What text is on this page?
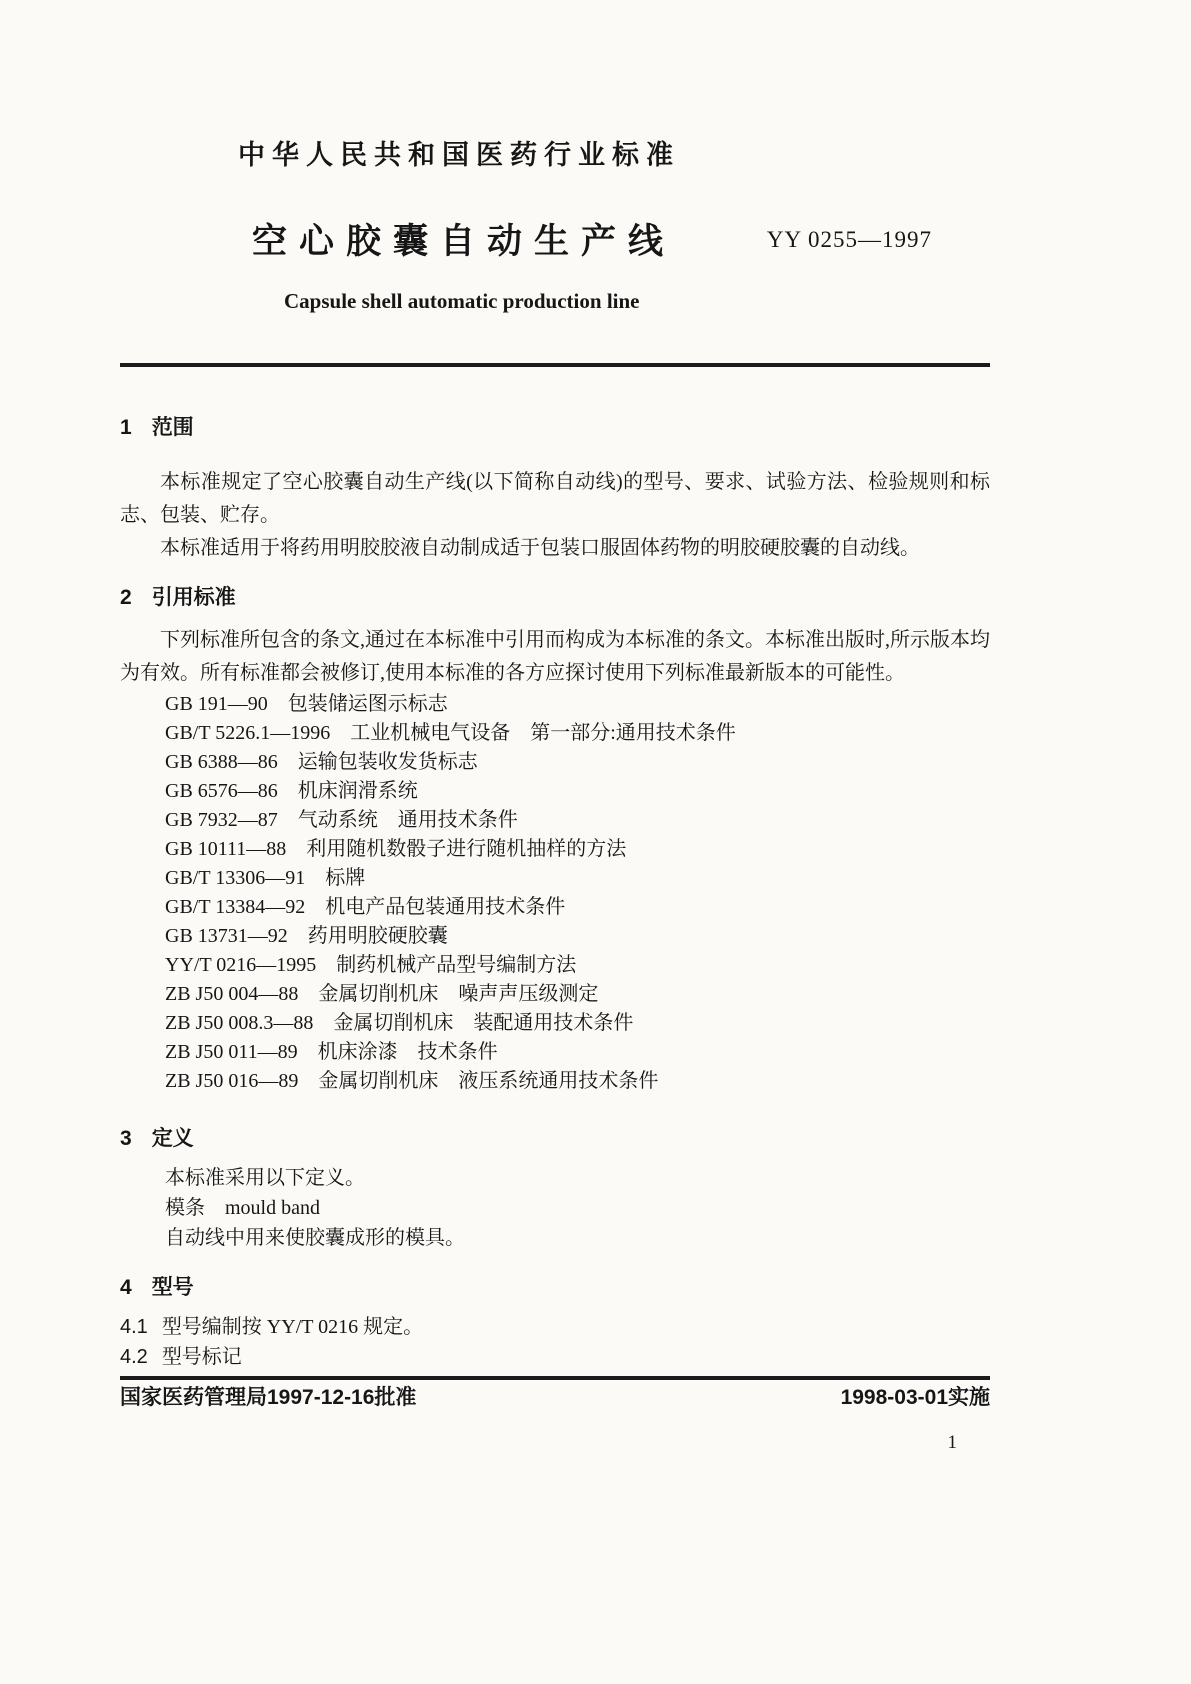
中华人民共和国医药行业标准
空心胶囊自动生产线	YY 0255—1997
Capsule shell automatic production line
1 范围

本标准规定了空心胶囊自动生产线(以下简称自动线)的型号、要求、试验方法、检验规则和标志、包装、贮存。

本标准适用于将药用明胶胶液自动制成适于包装口服固体药物的明胶硬胶囊的自动线。

2 引用标准

下列标准所包含的条文,通过在本标准中引用而构成为本标准的条文。本标准出版时,所示版本均为有效。所有标准都会被修订,使用本标准的各方应探讨使用下列标准最新版本的可能性。

GB 191—90　包装储运图示标志
GB/T 5226.1—1996　工业机械电气设备　第一部分:通用技术条件
GB 6388—86　运输包装收发货标志
GB 6576—86　机床润滑系统
GB 7932—87　气动系统　通用技术条件
GB 10111—88　利用随机数骰子进行随机抽样的方法
GB/T 13306—91　标牌
GB/T 13384—92　机电产品包装通用技术条件
GB 13731—92　药用明胶硬胶囊
YY/T 0216—1995　制药机械产品型号编制方法
ZB J50 004—88　金属切削机床　噪声声压级测定
ZB J50 008.3—88　金属切削机床　装配通用技术条件
ZB J50 011—89　机床涂漆　技术条件
ZB J50 016—89　金属切削机床　液压系统通用技术条件
3 定义
本标准采用以下定义。
模条　mould band
自动线中用来使胶囊成形的模具。
4 型号
4.1 型号编制按 YY/T 0216 规定。
4.2 型号标记
国家医药管理局1997-12-16批准	1998-03-01实施
1
